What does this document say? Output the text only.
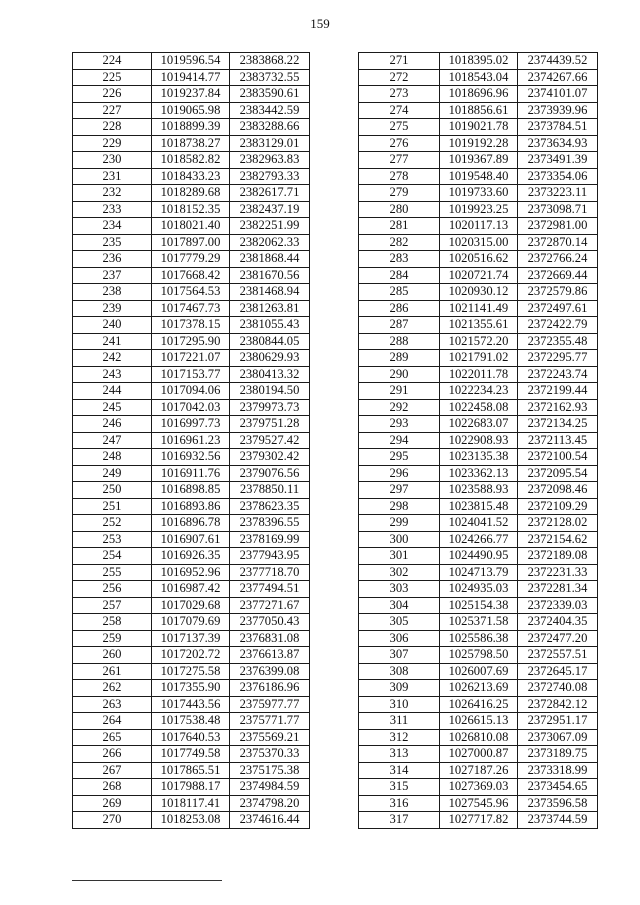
159
224	1019596.54	2383868.22
225	1019414.77	2383732.55
226	1019237.84	2383590.61
227	1019065.98	2383442.59
228	1018899.39	2383288.66
229	1018738.27	2383129.01
230	1018582.82	2382963.83
231	1018433.23	2382793.33
232	1018289.68	2382617.71
233	1018152.35	2382437.19
234	1018021.40	2382251.99
235	1017897.00	2382062.33
236	1017779.29	2381868.44
237	1017668.42	2381670.56
238	1017564.53	2381468.94
239	1017467.73	2381263.81
240	1017378.15	2381055.43
241	1017295.90	2380844.05
242	1017221.07	2380629.93
243	1017153.77	2380413.32
244	1017094.06	2380194.50
245	1017042.03	2379973.73
246	1016997.73	2379751.28
247	1016961.23	2379527.42
248	1016932.56	2379302.42
249	1016911.76	2379076.56
250	1016898.85	2378850.11
251	1016893.86	2378623.35
252	1016896.78	2378396.55
253	1016907.61	2378169.99
254	1016926.35	2377943.95
255	1016952.96	2377718.70
256	1016987.42	2377494.51
257	1017029.68	2377271.67
258	1017079.69	2377050.43
259	1017137.39	2376831.08
260	1017202.72	2376613.87
261	1017275.58	2376399.08
262	1017355.90	2376186.96
263	1017443.56	2375977.77
264	1017538.48	2375771.77
265	1017640.53	2375569.21
266	1017749.58	2375370.33
267	1017865.51	2375175.38
268	1017988.17	2374984.59
269	1018117.41	2374798.20
270	1018253.08	2374616.44
271	1018395.02	2374439.52
272	1018543.04	2374267.66
273	1018696.96	2374101.07
274	1018856.61	2373939.96
275	1019021.78	2373784.51
276	1019192.28	2373634.93
277	1019367.89	2373491.39
278	1019548.40	2373354.06
279	1019733.60	2373223.11
280	1019923.25	2373098.71
281	1020117.13	2372981.00
282	1020315.00	2372870.14
283	1020516.62	2372766.24
284	1020721.74	2372669.44
285	1020930.12	2372579.86
286	1021141.49	2372497.61
287	1021355.61	2372422.79
288	1021572.20	2372355.48
289	1021791.02	2372295.77
290	1022011.78	2372243.74
291	1022234.23	2372199.44
292	1022458.08	2372162.93
293	1022683.07	2372134.25
294	1022908.93	2372113.45
295	1023135.38	2372100.54
296	1023362.13	2372095.54
297	1023588.93	2372098.46
298	1023815.48	2372109.29
299	1024041.52	2372128.02
300	1024266.77	2372154.62
301	1024490.95	2372189.08
302	1024713.79	2372231.33
303	1024935.03	2372281.34
304	1025154.38	2372339.03
305	1025371.58	2372404.35
306	1025586.38	2372477.20
307	1025798.50	2372557.51
308	1026007.69	2372645.17
309	1026213.69	2372740.08
310	1026416.25	2372842.12
311	1026615.13	2372951.17
312	1026810.08	2373067.09
313	1027000.87	2373189.75
314	1027187.26	2373318.99
315	1027369.03	2373454.65
316	1027545.96	2373596.58
317	1027717.82	2373744.59
